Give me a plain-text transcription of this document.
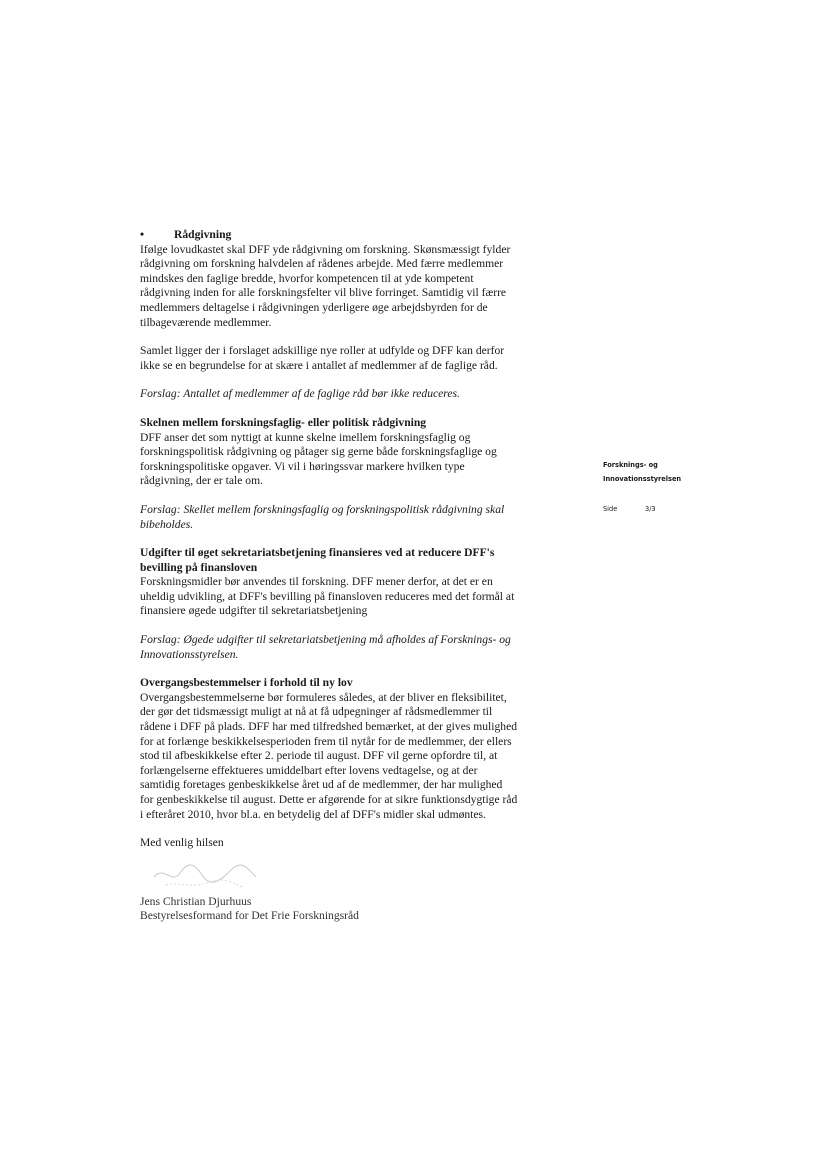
•	Rådgivning
Ifølge lovudkastet skal DFF yde rådgivning om forskning. Skønsmæssigt fylder
rådgivning om forskning halvdelen af rådenes arbejde. Med færre medlemmer
mindskes den faglige bredde, hvorfor kompetencen til at yde kompetent
rådgivning inden for alle forskningsfelter vil blive forringet. Samtidig vil færre
medlemmers deltagelse i rådgivningen yderligere øge arbejdsbyrden for de
tilbageværende medlemmer.
Samlet ligger der i forslaget adskillige nye roller at udfylde og DFF kan derfor
ikke se en begrundelse for at skære i antallet af medlemmer af de faglige råd.
Forslag: Antallet af medlemmer af de faglige råd bør ikke reduceres.
Skelnen mellem forskningsfaglig- eller politisk rådgivning
DFF anser det som nyttigt at kunne skelne imellem forskningsfaglig og
forskningspolitisk rådgivning og påtager sig gerne både forskningsfaglige og
forskningspolitiske opgaver. Vi vil i høringssvar markere hvilken type
rådgivning, der er tale om.
Forslag: Skellet mellem forskningsfaglig og forskningspolitisk rådgivning skal
bibeholdes.
Udgifter til øget sekretariatsbetjening finansieres ved at reducere DFF's
bevilling på finansloven
Forskningsmidler bør anvendes til forskning. DFF mener derfor, at det er en
uheldig udvikling, at DFF's bevilling på finansloven reduceres med det formål at
finansiere øgede udgifter til sekretariatsbetjening
Forslag: Øgede udgifter til sekretariatsbetjening må afholdes af Forsknings- og
Innovationsstyrelsen.
Overgangsbestemmelser i forhold til ny lov
Overgangsbestemmelserne bør formuleres således, at der bliver en fleksibilitet,
der gør det tidsmæssigt muligt at nå at få udpegninger af rådsmedlemmer til
rådene i DFF på plads. DFF har med tilfredshed bemærket, at der gives mulighed
for at forlænge beskikkelsesperioden frem til nytår for de medlemmer, der ellers
stod til afbeskikkelse efter 2. periode til august. DFF vil gerne opfordre til, at
forlængelserne effektueres umiddelbart efter lovens vedtagelse, og at der
samtidig foretages genbeskikkelse året ud af de medlemmer, der har mulighed
for genbeskikkelse til august. Dette er afgørende for at sikre funktionsdygtige råd
i efteråret 2010, hvor bl.a. en betydelig del af DFF's midler skal udmøntes.
Med venlig hilsen
Jens Christian Djurhuus
Bestyrelsesformand for Det Frie Forskningsråd
Forsknings- og
Innovationsstyrelsen
Side	3/3
